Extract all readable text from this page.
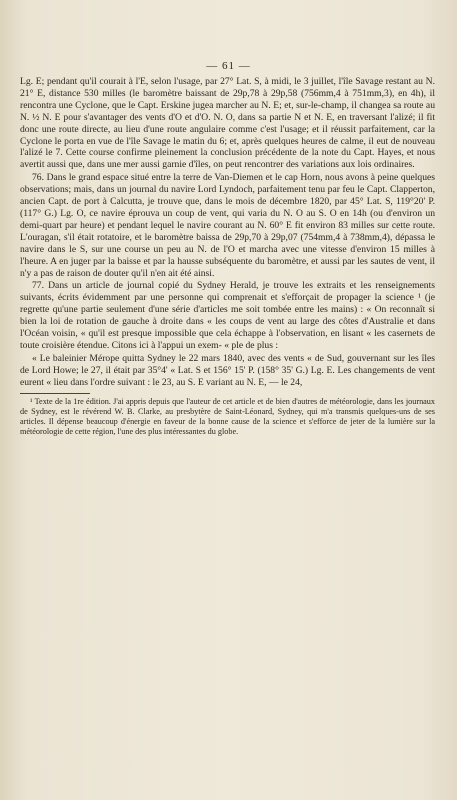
— 61 —

Lg. E; pendant qu'il courait à l'E, selon l'usage, par 27° Lat. S, à midi, le 3 juillet, l'île Savage restant au N. 21° E, distance 530 milles (le baromètre baissant de 29p,78 à 29p,58 (756mm,4 à 751mm,3), en 4h), il rencontra une Cyclone, que le Capt. Erskine jugea marcher au N. E; et, sur-le-champ, il changea sa route au N. ½ N. E pour s'avantager des vents d'O et d'O. N. O, dans sa partie N et N. E, en traversant l'alizé; il fit donc une route directe, au lieu d'une route angulaire comme c'est l'usage; et il réussit parfaitement, car la Cyclone le porta en vue de l'île Savage le matin du 6; et, après quelques heures de calme, il eut de nouveau l'alizé le 7. Cette course confirme pleinement la conclusion précédente de la note du Capt. Hayes, et nous avertit aussi que, dans une mer aussi garnie d'îles, on peut rencontrer des variations aux lois ordinaires.

76. Dans le grand espace situé entre la terre de Van-Diemen et le cap Horn, nous avons à peine quelques observations; mais, dans un journal du navire Lord Lyndoch, parfaitement tenu par feu le Capt. Clapperton, ancien Capt. de port à Calcutta, je trouve que, dans le mois de décembre 1820, par 45° Lat. S, 119°20' P. (117° G.) Lg. O, ce navire éprouva un coup de vent, qui varia du N. O au S. O en 14h (ou d'environ un demi-quart par heure) et pendant lequel le navire courant au N. 60° E fit environ 83 milles sur cette route. L'ouragan, s'il était rotatoire, et le baromètre baissa de 29p,70 à 29p,07 (754mm,4 à 738mm,4), dépassa le navire dans le S, sur une course un peu au N. de l'O et marcha avec une vitesse d'environ 15 milles à l'heure. A en juger par la baisse et par la hausse subséquente du baromètre, et aussi par les sautes de vent, il n'y a pas de raison de douter qu'il n'en ait été ainsi.

77. Dans un article de journal copié du Sydney Herald, je trouve les extraits et les renseignements suivants, écrits évidemment par une personne qui comprenait et s'efforçait de propager la science ¹ (je regrette qu'une partie seulement d'une série d'articles me soit tombée entre les mains) : « On reconnaît si bien la loi de rotation de gauche à droite dans « les coups de vent au large des côtes d'Australie et dans l'Océan voisin, « qu'il est presque impossible que cela échappe à l'observation, en lisant « les casernets de toute croisière étendue. Citons ici à l'appui un exem- « ple de plus :

« Le baleinier Mérope quitta Sydney le 22 mars 1840, avec des vents « de Sud, gouvernant sur les îles de Lord Howe; le 27, il était par 35°4' « Lat. S et 156° 15' P. (158° 35' G.) Lg. E. Les changements de vent eurent « lieu dans l'ordre suivant : le 23, au S. E variant au N. E, — le 24,

¹ Texte de la 1re édition. J'ai appris depuis que l'auteur de cet article et de bien d'autres de météorologie, dans les journaux de Sydney, est le révérend W. B. Clarke, au presbytère de Saint-Léonard, Sydney, qui m'a transmis quelques-uns de ses articles. Il dépense beaucoup d'énergie en faveur de la bonne cause de la science et s'efforce de jeter de la lumière sur la météorologie de cette région, l'une des plus intéressantes du globe.
